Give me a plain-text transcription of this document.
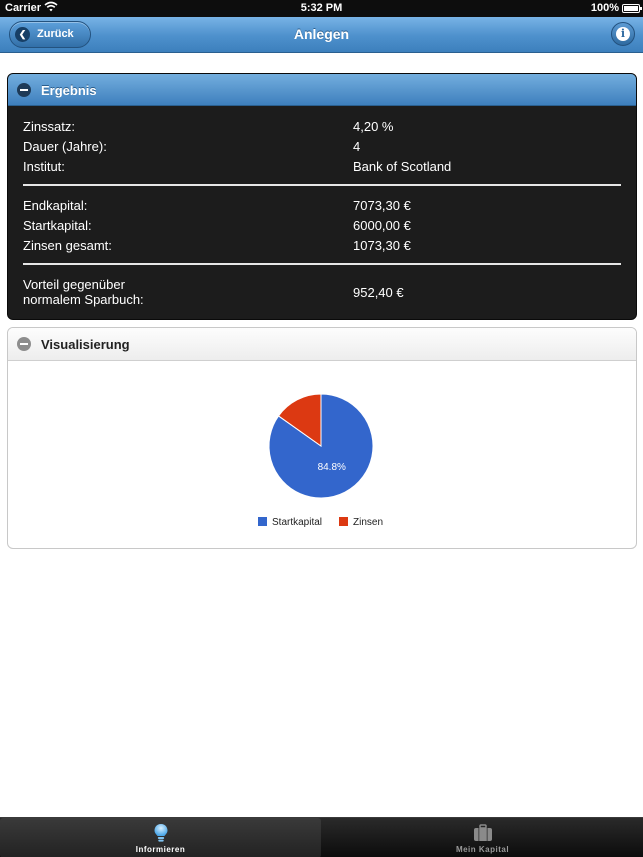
Carrier	5:32 PM	100%
❮ Zurück	Anlegen	i
Ergebnis
Zinssatz:	4,20 %
Dauer (Jahre):	4
Institut:	Bank of Scotland
Endkapital:	7073,30 €
Startkapital:	6000,00 €
Zinsen gesamt:	1073,30 €
Vorteil gegenüber
normalem Sparbuch:	952,40 €
Visualisierung
84.8%
Startkapital	Zinsen
Informieren	Mein Kapital
